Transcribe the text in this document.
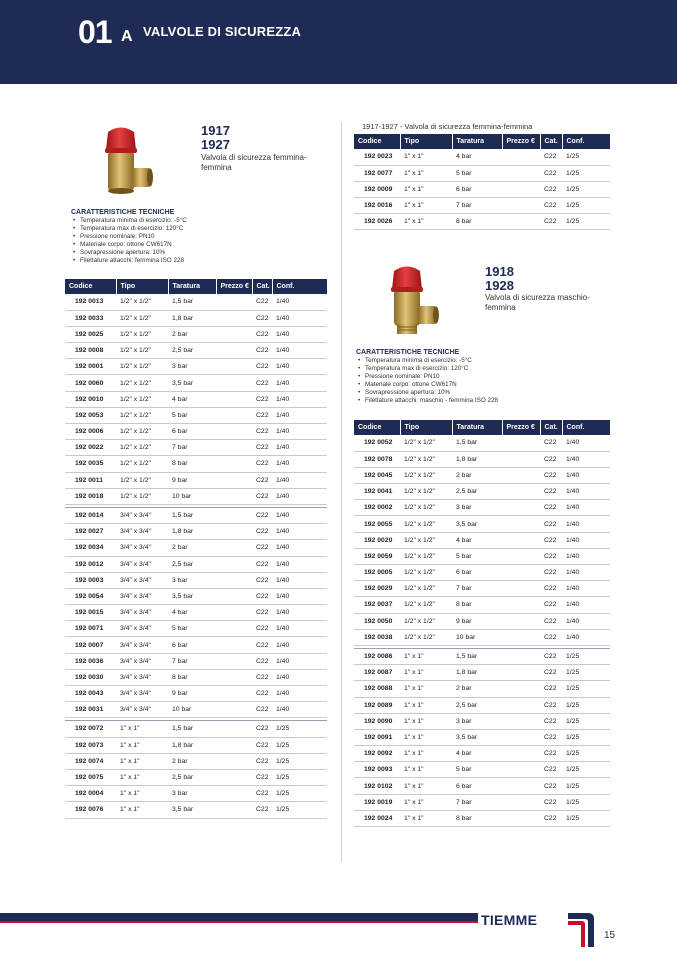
01 A VALVOLE DI SICUREZZA
1917
1927
Valvola di sicurezza femmina-femmina
CARATTERISTICHE TECNICHE
• Temperatura minima di esercizio: -5°C
• Temperatura max di esercizio: 120°C
• Pressione nominale: PN10
• Materiale corpo: ottone CW617N
• Sovrapressione apertura: 10%
• Filettature attacchi: femmina ISO 228
Codice	Tipo	Taratura	Prezzo €	Cat.	Conf.
192 0013	1/2" x 1/2"	1,5 bar		C22	1/40
192 0033	1/2" x 1/2"	1,8 bar		C22	1/40
192 0025	1/2" x 1/2"	2 bar		C22	1/40
192 0008	1/2" x 1/2"	2,5 bar		C22	1/40
192 0001	1/2" x 1/2"	3 bar		C22	1/40
192 0060	1/2" x 1/2"	3,5 bar		C22	1/40
192 0010	1/2" x 1/2"	4 bar		C22	1/40
192 0053	1/2" x 1/2"	5 bar		C22	1/40
192 0006	1/2" x 1/2"	6 bar		C22	1/40
192 0022	1/2" x 1/2"	7 bar		C22	1/40
192 0035	1/2" x 1/2"	8 bar		C22	1/40
192 0011	1/2" x 1/2"	9 bar		C22	1/40
192 0018	1/2" x 1/2"	10 bar		C22	1/40

192 0014	3/4" x 3/4"	1,5 bar		C22	1/40
192 0027	3/4" x 3/4"	1,8 bar		C22	1/40
192 0034	3/4" x 3/4"	2 bar		C22	1/40
192 0012	3/4" x 3/4"	2,5 bar		C22	1/40
192 0003	3/4" x 3/4"	3 bar		C22	1/40
192 0054	3/4" x 3/4"	3,5 bar		C22	1/40
192 0015	3/4" x 3/4"	4 bar		C22	1/40
192 0071	3/4" x 3/4"	5 bar		C22	1/40
192 0007	3/4" x 3/4"	6 bar		C22	1/40
192 0036	3/4" x 3/4"	7 bar		C22	1/40
192 0030	3/4" x 3/4"	8 bar		C22	1/40
192 0043	3/4" x 3/4"	9 bar		C22	1/40
192 0031	3/4" x 3/4"	10 bar		C22	1/40

192 0072	1" x 1"	1,5 bar		C22	1/25
192 0073	1" x 1"	1,8 bar		C22	1/25
192 0074	1" x 1"	2 bar		C22	1/25
192 0075	1" x 1"	2,5 bar		C22	1/25
192 0004	1" x 1"	3 bar		C22	1/25
192 0076	1" x 1"	3,5 bar		C22	1/25
1917-1927 - Valvola di sicurezza femmina-femmina
Codice	Tipo	Taratura	Prezzo €	Cat.	Conf.
192 0023	1" x 1"	4 bar		C22	1/25
192 0077	1" x 1"	5 bar		C22	1/25
192 0009	1" x 1"	6 bar		C22	1/25
192 0016	1" x 1"	7 bar		C22	1/25
192 0026	1" x 1"	8 bar		C22	1/25
1918
1928
Valvola di sicurezza maschio-femmina
CARATTERISTICHE TECNICHE
• Temperatura minima di esercizio: -5°C
• Temperatura max di esercizio: 120°C
• Pressione nominale: PN10
• Materiale corpo: ottone CW617N
• Sovrapressione apertura: 10%
• Filettature attacchi: maschio - femmina ISO 228
Codice	Tipo	Taratura	Prezzo €	Cat.	Conf.
192 0052	1/2" x 1/2"	1,5 bar		C22	1/40
192 0078	1/2" x 1/2"	1,8 bar		C22	1/40
192 0045	1/2" x 1/2"	2 bar		C22	1/40
192 0041	1/2" x 1/2"	2,5 bar		C22	1/40
192 0002	1/2" x 1/2"	3 bar		C22	1/40
192 0055	1/2" x 1/2"	3,5 bar		C22	1/40
192 0020	1/2" x 1/2"	4 bar		C22	1/40
192 0059	1/2" x 1/2"	5 bar		C22	1/40
192 0005	1/2" x 1/2"	6 bar		C22	1/40
192 0029	1/2" x 1/2"	7 bar		C22	1/40
192 0037	1/2" x 1/2"	8 bar		C22	1/40
192 0050	1/2" x 1/2"	9 bar		C22	1/40
192 0038	1/2" x 1/2"	10 bar		C22	1/40

192 0086	1" x 1"	1,5 bar		C22	1/25
192 0087	1" x 1"	1,8 bar		C22	1/25
192 0088	1" x 1"	2 bar		C22	1/25
192 0089	1" x 1"	2,5 bar		C22	1/25
192 0090	1" x 1"	3 bar		C22	1/25
192 0091	1" x 1"	3,5 bar		C22	1/25
192 0092	1" x 1"	4 bar		C22	1/25
192 0093	1" x 1"	5 bar		C22	1/25
192 0102	1" x 1"	6 bar		C22	1/25
192 0019	1" x 1"	7 bar		C22	1/25
192 0024	1" x 1"	8 bar		C22	1/25
TIEMME
15
